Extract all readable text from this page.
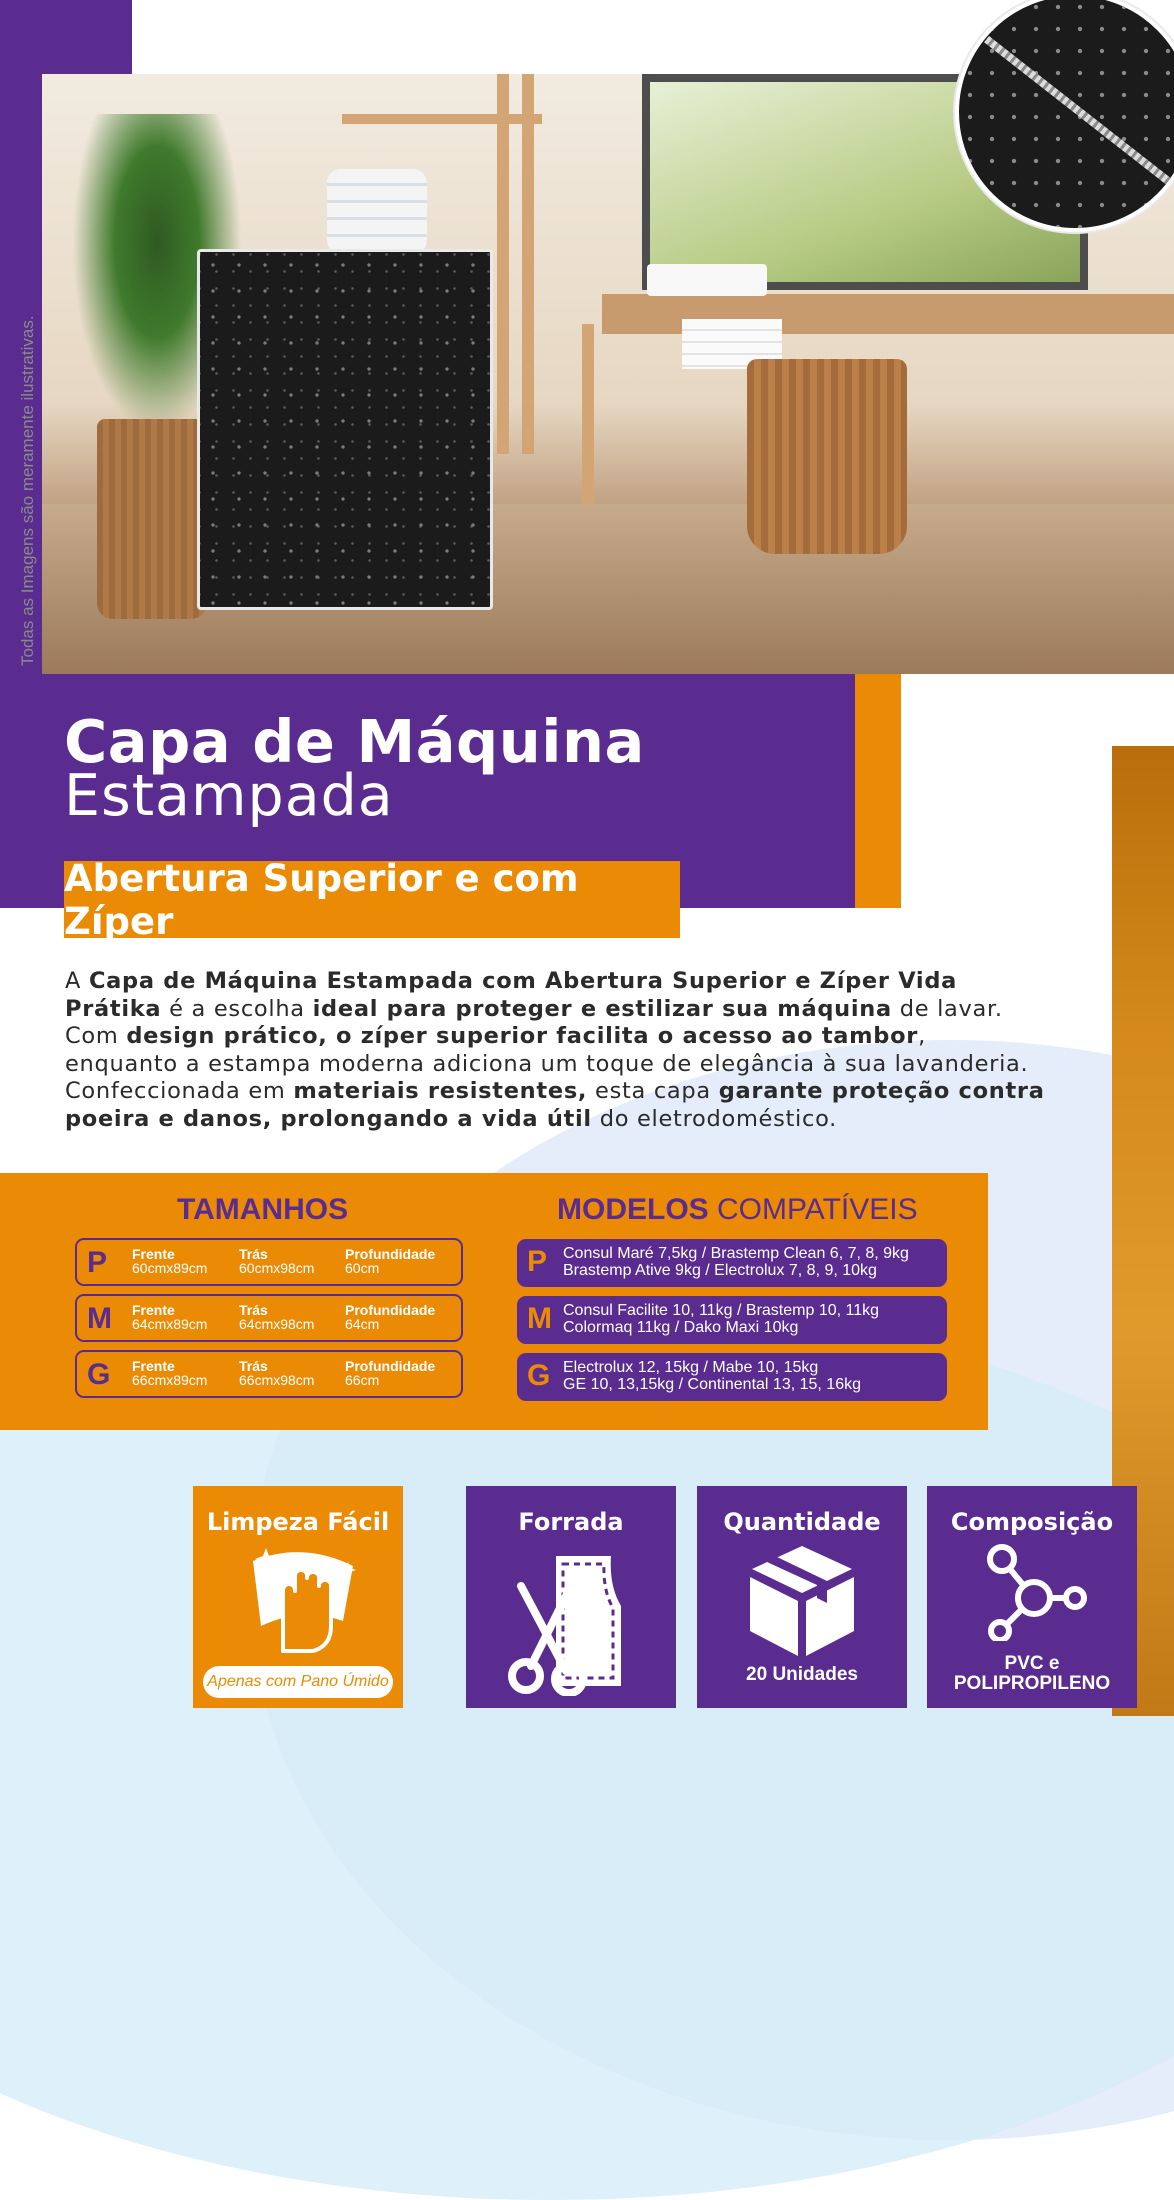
Todas as Imagens são meramente ilustrativas.
Capa de Máquina
Estampada
Abertura Superior e com Zíper
A Capa de Máquina Estampada com Abertura Superior e Zíper Vida Prátika é a escolha ideal para proteger e estilizar sua máquina de lavar. Com design prático, o zíper superior facilita o acesso ao tambor, enquanto a estampa moderna adiciona um toque de elegância à sua lavanderia. Confeccionada em materiais resistentes, esta capa garante proteção contra poeira e danos, prolongando a vida útil do eletrodoméstico.
TAMANHOS	MODELOS COMPATÍVEIS
P Frente
60cmx89cm
Trás
60cmx98cm
Profundidade
60cm
M Frente
64cmx89cm
Trás
64cmx98cm
Profundidade
64cm
G Frente
66cmx89cm
Trás
66cmx98cm
Profundidade
66cm
P Consul Maré 7,5kg / Brastemp Clean 6, 7, 8, 9kg
Brastemp Ative 9kg / Electrolux 7, 8, 9, 10kg
M Consul Facilite 10, 11kg / Brastemp 10, 11kg
Colormaq 11kg / Dako Maxi 10kg
G Electrolux 12, 15kg / Mabe 10, 15kg
GE 10, 13,15kg / Continental 13, 15, 16kg
Limpeza Fácil
Apenas com Pano Úmido
Forrada	Quantidade
20 Unidades
Composição
PVC e
POLIPROPILENO
